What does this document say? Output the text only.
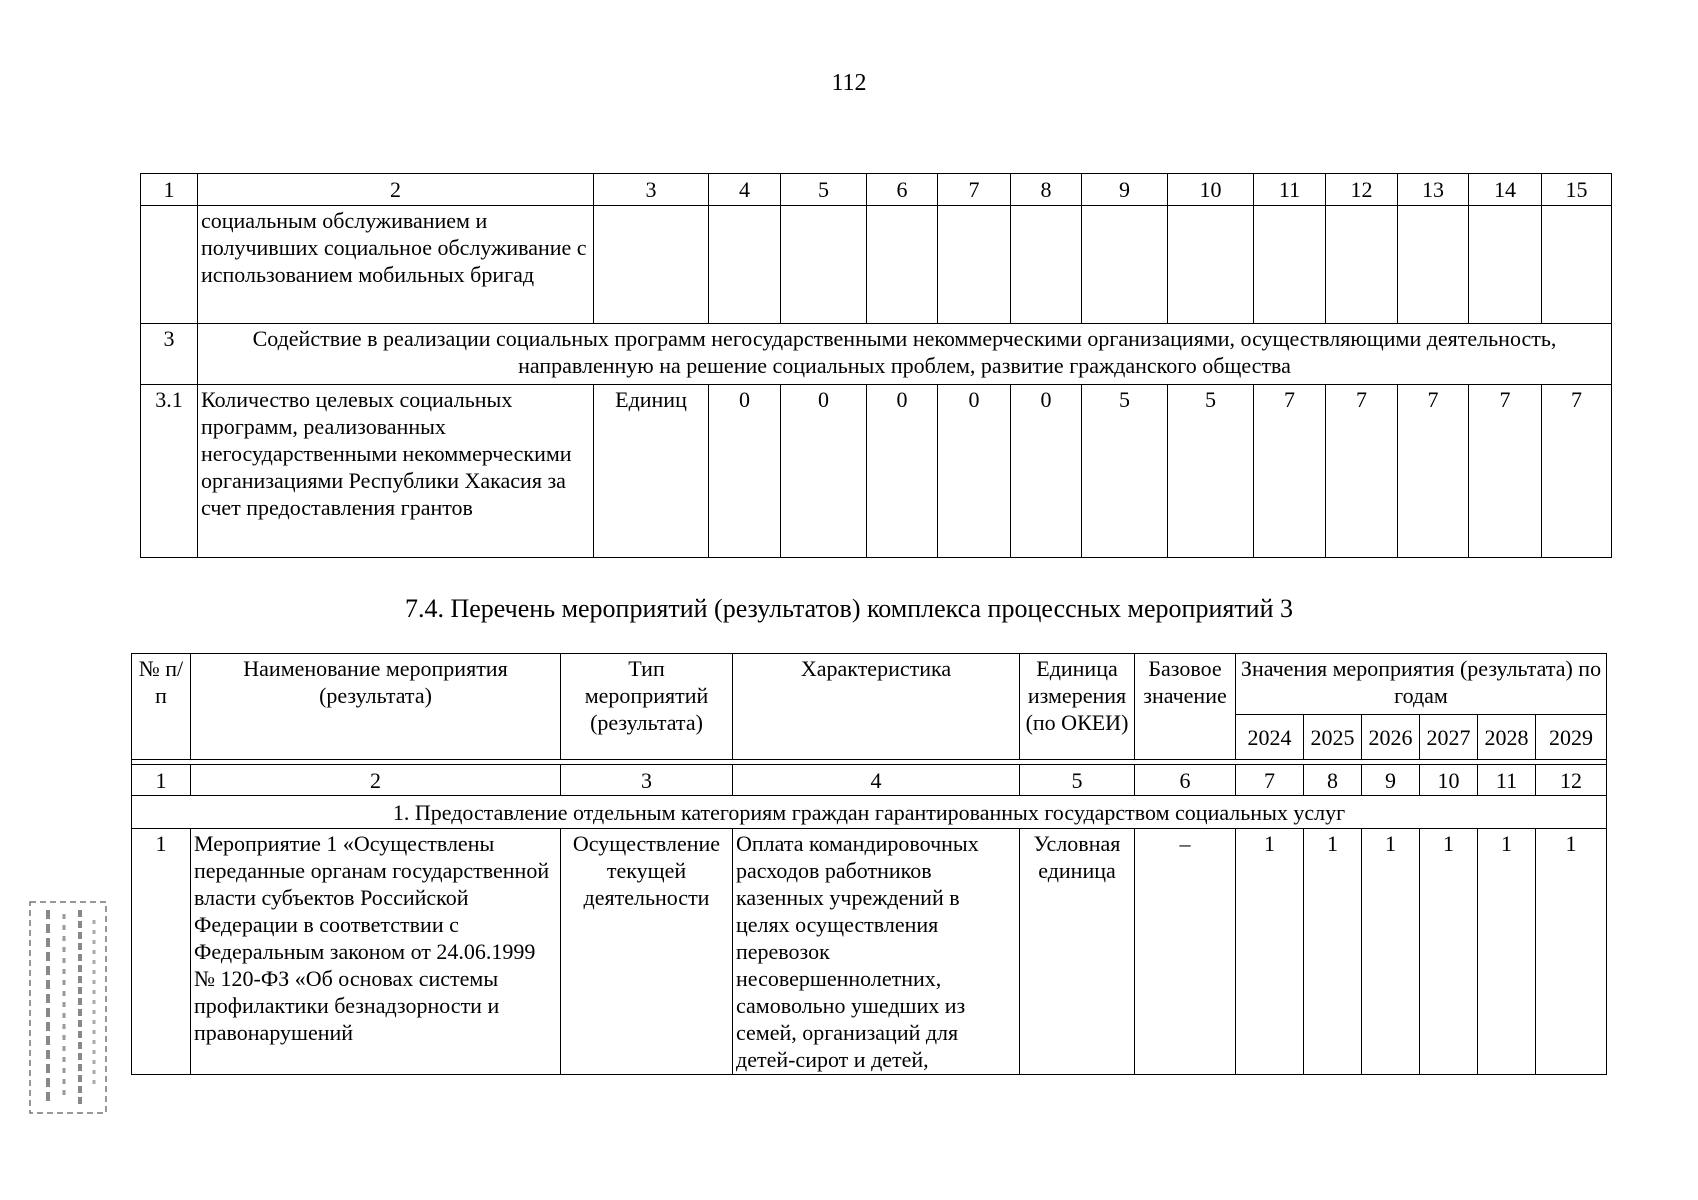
112
1	2	3	4	5	6	7	8	9	10	11	12	13	14	15
	социальным обслуживанием и получивших социальное обслуживание с использованием мобильных бригад													
3	Содействие в реализации социальных программ негосударственными некоммерческими организациями, осуществляющими деятельность, направленную на решение социальных проблем, развитие гражданского общества													
3.1	Количество целевых социальных программ, реализованных негосударственными некоммерческими организациями Республики Хакасия за счет предоставления грантов	Единиц	0	0	0	0	0	5	5	7	7	7	7	7
7.4. Перечень мероприятий (результатов) комплекса процессных мероприятий 3
№ п/п	Наименование мероприятия (результата)	Тип мероприятий (результата)	Характеристика	Единица измерения (по ОКЕИ)	Базовое значение	Значения мероприятия (результата) по годам					
						2024	2025	2026	2027	2028	2029

1	2	3	4	5	6	7	8	9	10	11	12
1. Предоставление отдельным категориям граждан гарантированных государством социальных услуг											
1	Мероприятие 1 «Осуществлены переданные органам государственной власти субъектов Российской Федерации в соответствии с Федеральным законом от 24.06.1999 № 120-ФЗ «Об основах системы профилактики безнадзорности и правонарушений	Осуществление текущей деятельности	Оплата командировочных расходов работников казенных учреждений в целях осуществления перевозок несовершеннолетних, самовольно ушедших из семей, организаций для детей-сирот и детей,	Условная единица	–	1	1	1	1	1	1
